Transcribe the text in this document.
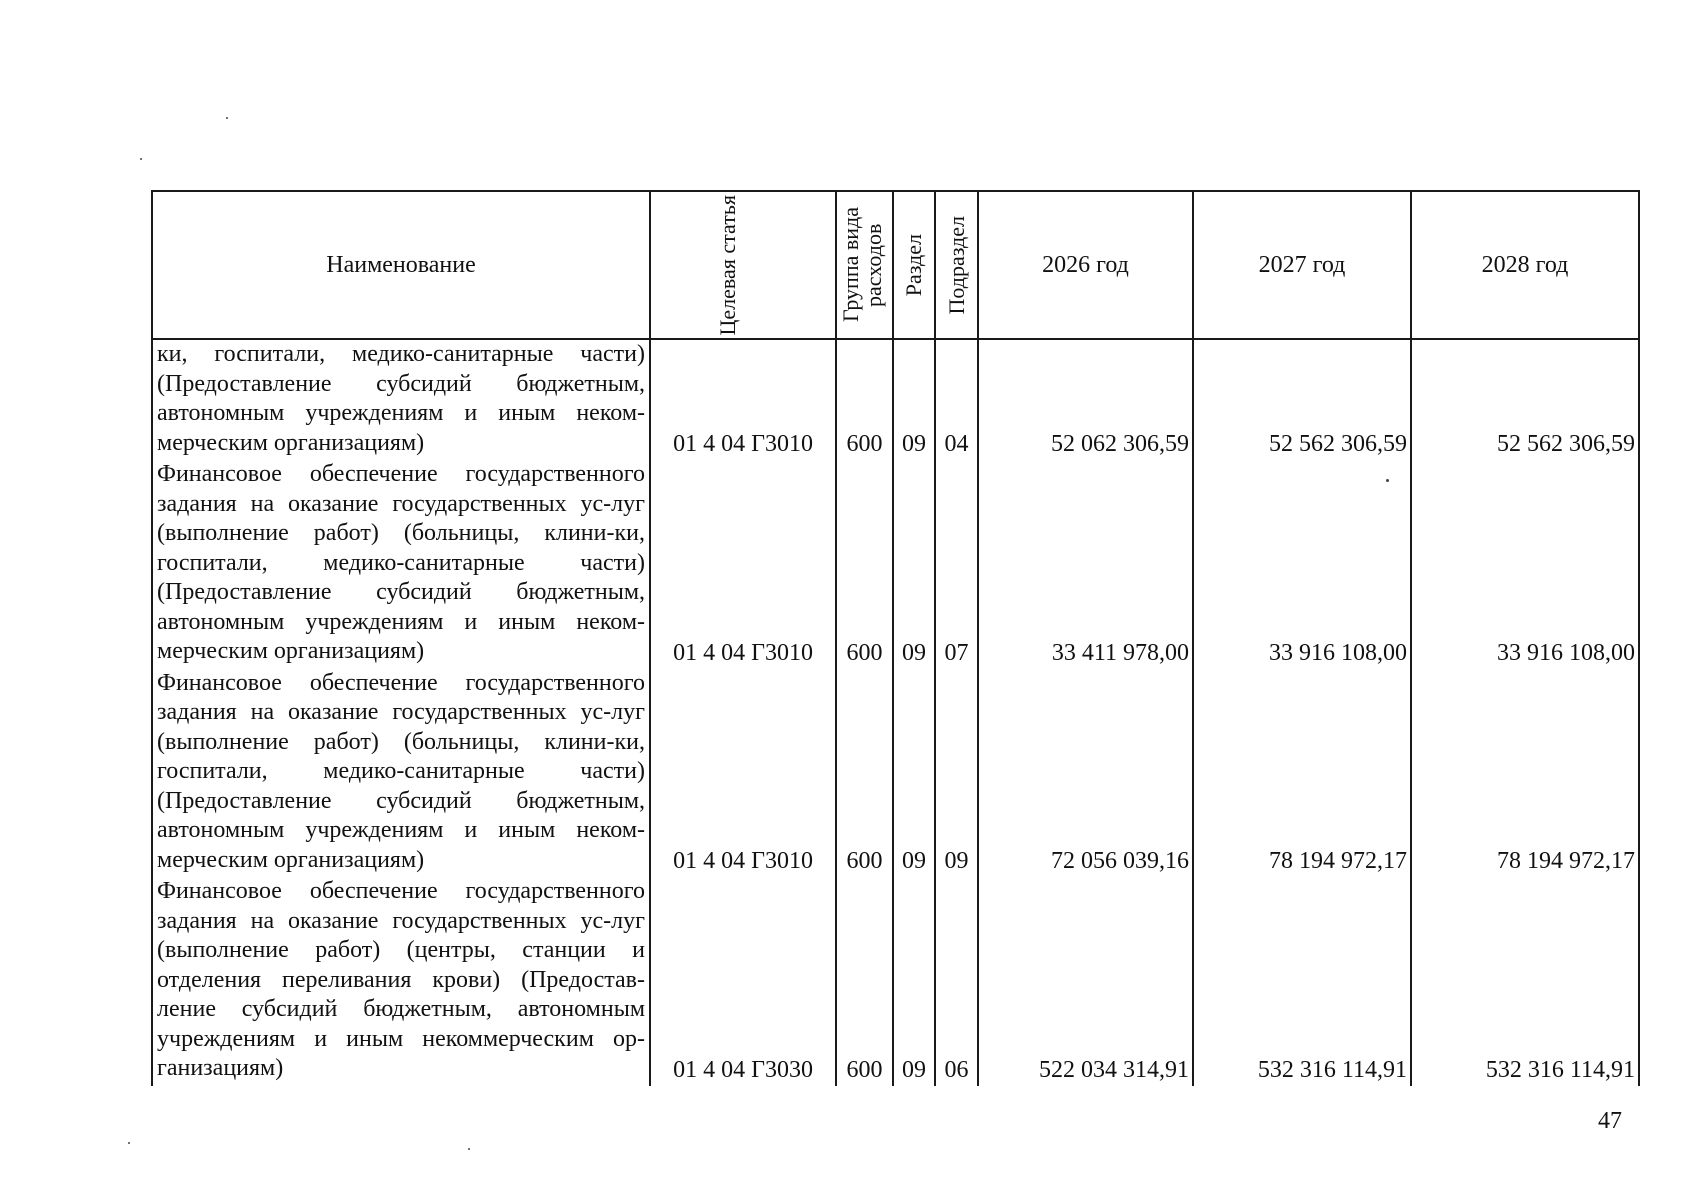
Наименование	Целевая статья	Группа вида расходов	Раздел	Подраздел	2026 год	2027 год	2028 год
ки, госпитали, медико-санитарные части) (Предоставление субсидий бюджетным, автономным учреждениям и иным неком-мерческим организациям)	01 4 04 Г3010	600	09	04	52 062 306,59	52 562 306,59	52 562 306,59
Финансовое обеспечение государственного задания на оказание государственных ус-луг (выполнение работ) (больницы, клини-ки, госпитали, медико-санитарные части) (Предоставление субсидий бюджетным, автономным учреждениям и иным неком-мерческим организациям)	01 4 04 Г3010	600	09	07	33 411 978,00	33 916 108,00	33 916 108,00
Финансовое обеспечение государственного задания на оказание государственных ус-луг (выполнение работ) (больницы, клини-ки, госпитали, медико-санитарные части) (Предоставление субсидий бюджетным, автономным учреждениям и иным неком-мерческим организациям)	01 4 04 Г3010	600	09	09	72 056 039,16	78 194 972,17	78 194 972,17
Финансовое обеспечение государственного задания на оказание государственных ус-луг (выполнение работ) (центры, станции и отделения переливания крови) (Предостав-ление субсидий бюджетным, автономным учреждениям и иным некоммерческим ор-ганизациям)	01 4 04 Г3030	600	09	06	522 034 314,91	532 316 114,91	532 316 114,91
47
